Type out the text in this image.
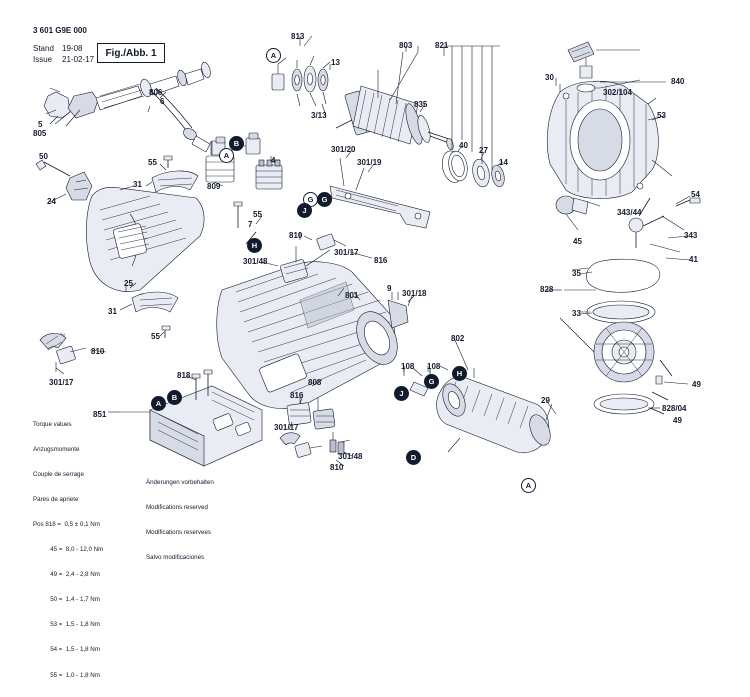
3 601 G9E 000
Stand 19-08
Issue 21-02-17
Fig./Abb. 1
813
803	821
13
30	840
302/104
806
6
3/13
835
53
5
805
40
27
14
50
55	4
301/20
301/19
31	809
24
54
343/44
343
45
41
55
7
810
301/17
816
25
301/48
828
35
33
801
9
301/18
31
55	802
810
108 108
301/17	49
818
808
816
29
828/04
49
851
301/17
301/48
810
A
B
A
G	G
J
H
J
G
H
D
B
A
A

Torque values

Anzugsmomente

Couple de serrage

Pares de apriete

Pos 818 =  0,5 ± 0,1 Nm

45 =  8,0 - 12,0 Nm

49 =  2,4 - 2,8 Nm

50 =  1,4 - 1,7 Nm

53 =  1,5 - 1,8 Nm

54 =  1,5 - 1,8 Nm

55 =  1,0 - 1,8 Nm

Änderungen vorbehalten

Modifications reserved

Modifications reservees

Salvo modificaciones
